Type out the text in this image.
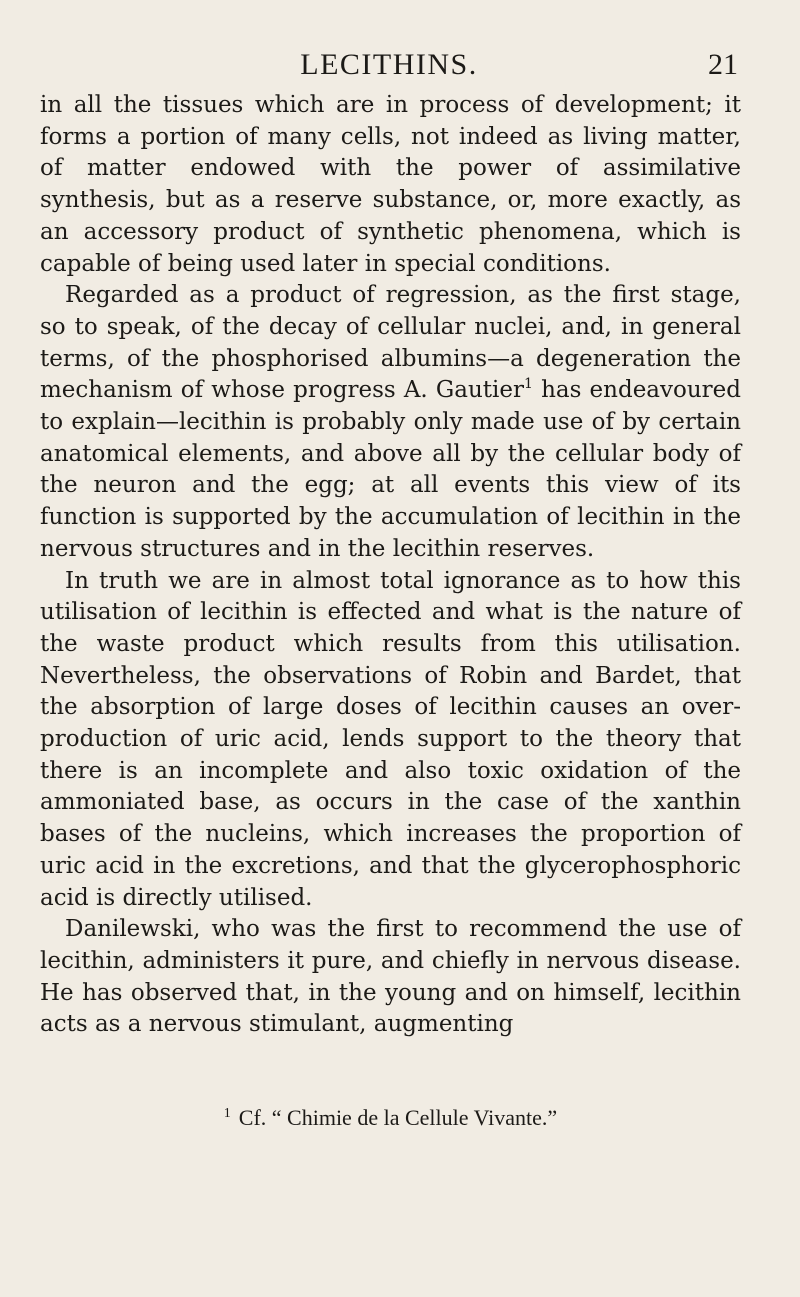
LECITHINS.	21

in all the tissues which are in process of development; it forms a portion of many cells, not indeed as living matter, of matter endowed with the power of assimilative synthesis, but as a reserve substance, or, more exactly, as an accessory product of synthetic phenomena, which is capable of being used later in special conditions.

Regarded as a product of regression, as the first stage, so to speak, of the decay of cellular nuclei, and, in general terms, of the phosphorised albumins—a degeneration the mechanism of whose progress A. Gautier$^1$ has endeavoured to explain—lecithin is probably only made use of by certain anatomical elements, and above all by the cellular body of the neuron and the egg; at all events this view of its function is supported by the accumulation of lecithin in the nervous structures and in the lecithin reserves.

In truth we are in almost total ignorance as to how this utilisation of lecithin is effected and what is the nature of the waste product which results from this utilisation. Nevertheless, the observations of Robin and Bardet, that the absorption of large doses of lecithin causes an over-production of uric acid, lends support to the theory that there is an incomplete and also toxic oxidation of the ammoniated base, as occurs in the case of the xanthin bases of the nucleins, which increases the proportion of uric acid in the excretions, and that the glycerophosphoric acid is directly utilised.

Danilewski, who was the first to recommend the use of lecithin, administers it pure, and chiefly in nervous disease. He has observed that, in the young and on himself, lecithin acts as a nervous stimulant, augmenting

$^1$ Cf. “ Chimie de la Cellule Vivante.”
